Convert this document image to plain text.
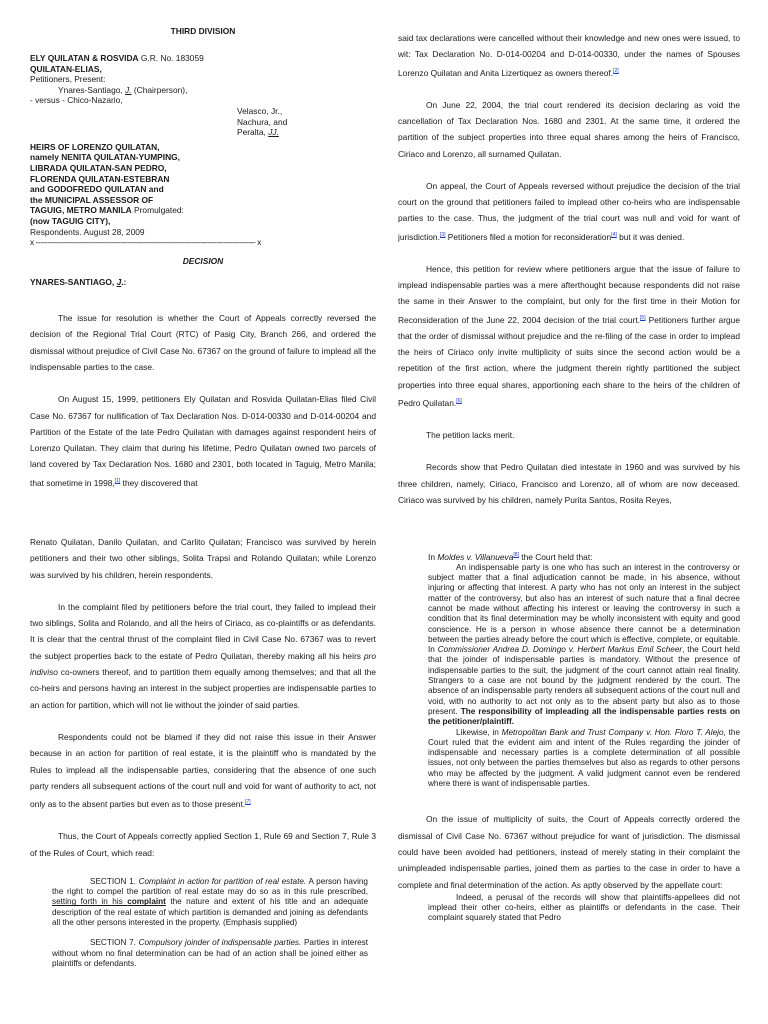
THIRD DIVISION

ELY QUILATAN & ROSVIDA G.R. No. 183059

QUILATAN-ELIAS,

Petitioners, Present:

Ynares-Santiago, J. (Chairperson),

- versus - Chico-Nazario,

Velasco, Jr.,

Nachura, and

Peralta, JJ.

HEIRS OF LORENZO QUILATAN,

namely NENITA QUILATAN-YUMPING,

LIBRADA QUILATAN-SAN PEDRO,

FLORENDA QUILATAN-ESTEBRAN

and GODOFREDO QUILATAN and

the MUNICIPAL ASSESSOR OF

TAGUIG, METRO MANILA Promulgated:

(now TAGUIG CITY),

Respondents. August 28, 2009

x ------------------------------------------------------------------------------------------------ x

DECISION

YNARES-SANTIAGO, J.:

The issue for resolution is whether the Court of Appeals correctly reversed the decision of the Regional Trial Court (RTC) of Pasig City, Branch 266, and ordered the dismissal without prejudice of Civil Case No. 67367 on the ground of failure to implead all the indispensable parties to the case.

On August 15, 1999, petitioners Ely Quilatan and Rosvida Quilatan-Elias filed Civil Case No. 67367 for nullification of Tax Declaration Nos. D-014-00330 and D-014-00204 and Partition of the Estate of the late Pedro Quilatan with damages against respondent heirs of Lorenzo Quilatan. They claim that during his lifetime, Pedro Quilatan owned two parcels of land covered by Tax Declaration Nos. 1680 and 2301, both located in Taguig, Metro Manila; that sometime in 1998,[1] they discovered that

said tax declarations were cancelled without their knowledge and new ones were issued, to wit: Tax Declaration No. D-014-00204 and D-014-00330, under the names of Spouses Lorenzo Quilatan and Anita Lizertiquez as owners thereof.[2]

On June 22, 2004, the trial court rendered its decision declaring as void the cancellation of Tax Declaration Nos. 1680 and 2301. At the same time, it ordered the partition of the subject properties into three equal shares among the heirs of Francisco, Ciriaco and Lorenzo, all surnamed Quilatan.

On appeal, the Court of Appeals reversed without prejudice the decision of the trial court on the ground that petitioners failed to implead other co-heirs who are indispensable parties to the case. Thus, the judgment of the trial court was null and void for want of jurisdiction.[3] Petitioners filed a motion for reconsideration[4] but it was denied.

Hence, this petition for review where petitioners argue that the issue of failure to implead indispensable parties was a mere afterthought because respondents did not raise the same in their Answer to the complaint, but only for the first time in their Motion for Reconsideration of the June 22, 2004 decision of the trial court.[5] Petitioners further argue that the order of dismissal without prejudice and the re-filing of the case in order to implead the heirs of Ciriaco only invite multiplicity of suits since the second action would be a repetition of the first action, where the judgment therein rightly partitioned the subject properties into three equal shares, apportioning each share to the heirs of the children of Pedro Quilatan.[6]

The petition lacks merit.

Records show that Pedro Quilatan died intestate in 1960 and was survived by his three children, namely, Ciriaco, Francisco and Lorenzo, all of whom are now deceased. Ciriaco was survived by his children, namely Purita Santos, Rosita Reyes,

Renato Quilatan, Danilo Quilatan, and Carlito Quilatan; Francisco was survived by herein petitioners and their two other siblings, Solita Trapsi and Rolando Quilatan; while Lorenzo was survived by his children, herein respondents.

In the complaint filed by petitioners before the trial court, they failed to implead their two siblings, Solita and Rolando, and all the heirs of Ciriaco, as co-plaintiffs or as defendants. It is clear that the central thrust of the complaint filed in Civil Case No. 67367 was to revert the subject properties back to the estate of Pedro Quilatan, thereby making all his heirs pro indiviso co-owners thereof, and to partition them equally among themselves; and that all the co-heirs and persons having an interest in the subject properties are indispensable parties to an action for partition, which will not lie without the joinder of said parties.

Respondents could not be blamed if they did not raise this issue in their Answer because in an action for partition of real estate, it is the plaintiff who is mandated by the Rules to implead all the indispensable parties, considering that the absence of one such party renders all subsequent actions of the court null and void for want of authority to act, not only as to the absent parties but even as to those present.[7]

Thus, the Court of Appeals correctly applied Section 1, Rule 69 and Section 7, Rule 3 of the Rules of Court, which read:

SECTION 1. Complaint in action for partition of real estate. A person having the right to compel the partition of real estate may do so as in this rule prescribed, setting forth in his complaint the nature and extent of his title and an adequate description of the real estate of which partition is demanded and joining as defendants all the other persons interested in the property. (Emphasis supplied)

SECTION 7. Compulsory joinder of indispensable parties. Parties in interest without whom no final determination can be had of an action shall be joined either as plaintiffs or defendants.

In Moldes v. Villanueva[8] the Court held that:

An indispensable party is one who has such an interest in the controversy or subject matter that a final adjudication cannot be made, in his absence, without injuring or affecting that interest. A party who has not only an interest in the subject matter of the controversy, but also has an interest of such nature that a final decree cannot be made without affecting his interest or leaving the controversy in such a condition that its final determination may be wholly inconsistent with equity and good conscience. He is a person in whose absence there cannot be a determination between the parties already before the court which is effective, complete, or equitable. In Commissioner Andrea D. Domingo v. Herbert Markus Emil Scheer, the Court held that the joinder of indispensable parties is mandatory. Without the presence of indispensable parties to the suit, the judgment of the court cannot attain real finality. Strangers to a case are not bound by the judgment rendered by the court. The absence of an indispensable party renders all subsequent actions of the court null and void, with no authority to act not only as to the absent party but also as to those present. The responsibility of impleading all the indispensable parties rests on the petitioner/plaintiff.

Likewise, in Metropolitan Bank and Trust Company v. Hon. Floro T. Alejo, the Court ruled that the evident aim and intent of the Rules regarding the joinder of indispensable and necessary parties is a complete determination of all possible issues, not only between the parties themselves but also as regards to other persons who may be affected by the judgment. A valid judgment cannot even be rendered where there is want of indispensable parties.

On the issue of multiplicity of suits, the Court of Appeals correctly ordered the dismissal of Civil Case No. 67367 without prejudice for want of jurisdiction. The dismissal could have been avoided had petitioners, instead of merely stating in their complaint the unimpleaded indispensable parties, joined them as parties to the case in order to have a complete and final determination of the action. As aptly observed by the appellate court:

Indeed, a perusal of the records will show that plaintiffs-appellees did not implead their other co-heirs, either as plaintiffs or defendants in the case. Their complaint squarely stated that Pedro
